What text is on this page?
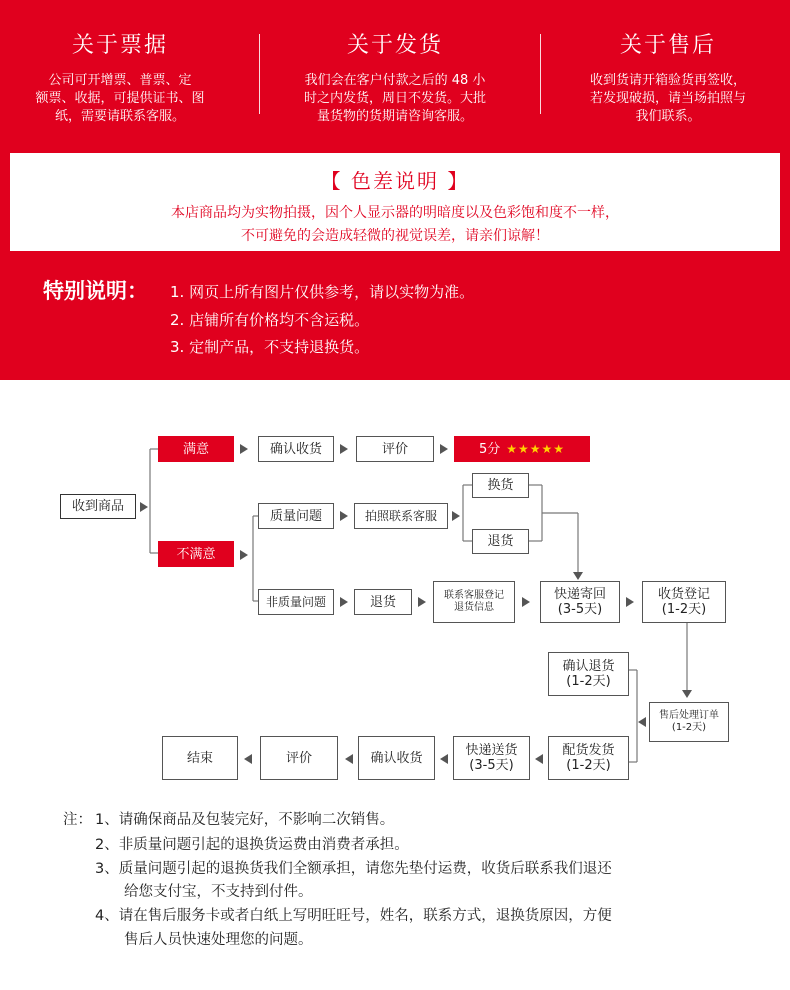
关于票据

公司可开增票、普票、定
额票、收据，可提供证书、图
纸，需要请联系客服。

关于发货

我们会在客户付款之后的 48 小
时之内发货，周日不发货。大批
量货物的货期请咨询客服。

关于售后

收到货请开箱验货再签收，
若发现破损，请当场拍照与
我们联系。

【 色差说明 】
本店商品均为实物拍摄，因个人显示器的明暗度以及色彩饱和度不一样，
不可避免的会造成轻微的视觉误差，请亲们谅解！
特别说明： 1. 网页上所有图片仅供参考，请以实物为准。
2. 店铺所有价格均不含运税。
3. 定制产品，不支持退换货。
收到商品
满意	确认收货	评价	5分 ★★★★★
不满意
质量问题	拍照联系客服
换货
退货
非质量问题	退货	联系客服登记
退货信息
快递寄回
(3-5天)
收货登记
(1-2天)
确认退货
(1-2天)
售后处理订单
(1-2天)
配货发货
(1-2天)
快递送货
(3-5天)
确认收货
评价
结束
注： 1、请确保商品及包装完好，不影响二次销售。
2、非质量问题引起的退换货运费由消费者承担。
3、质量问题引起的退换货我们全额承担，请您先垫付运费，收货后联系我们退还
给您支付宝，不支持到付件。
4、请在售后服务卡或者白纸上写明旺旺号，姓名，联系方式，退换货原因，方便
售后人员快速处理您的问题。
